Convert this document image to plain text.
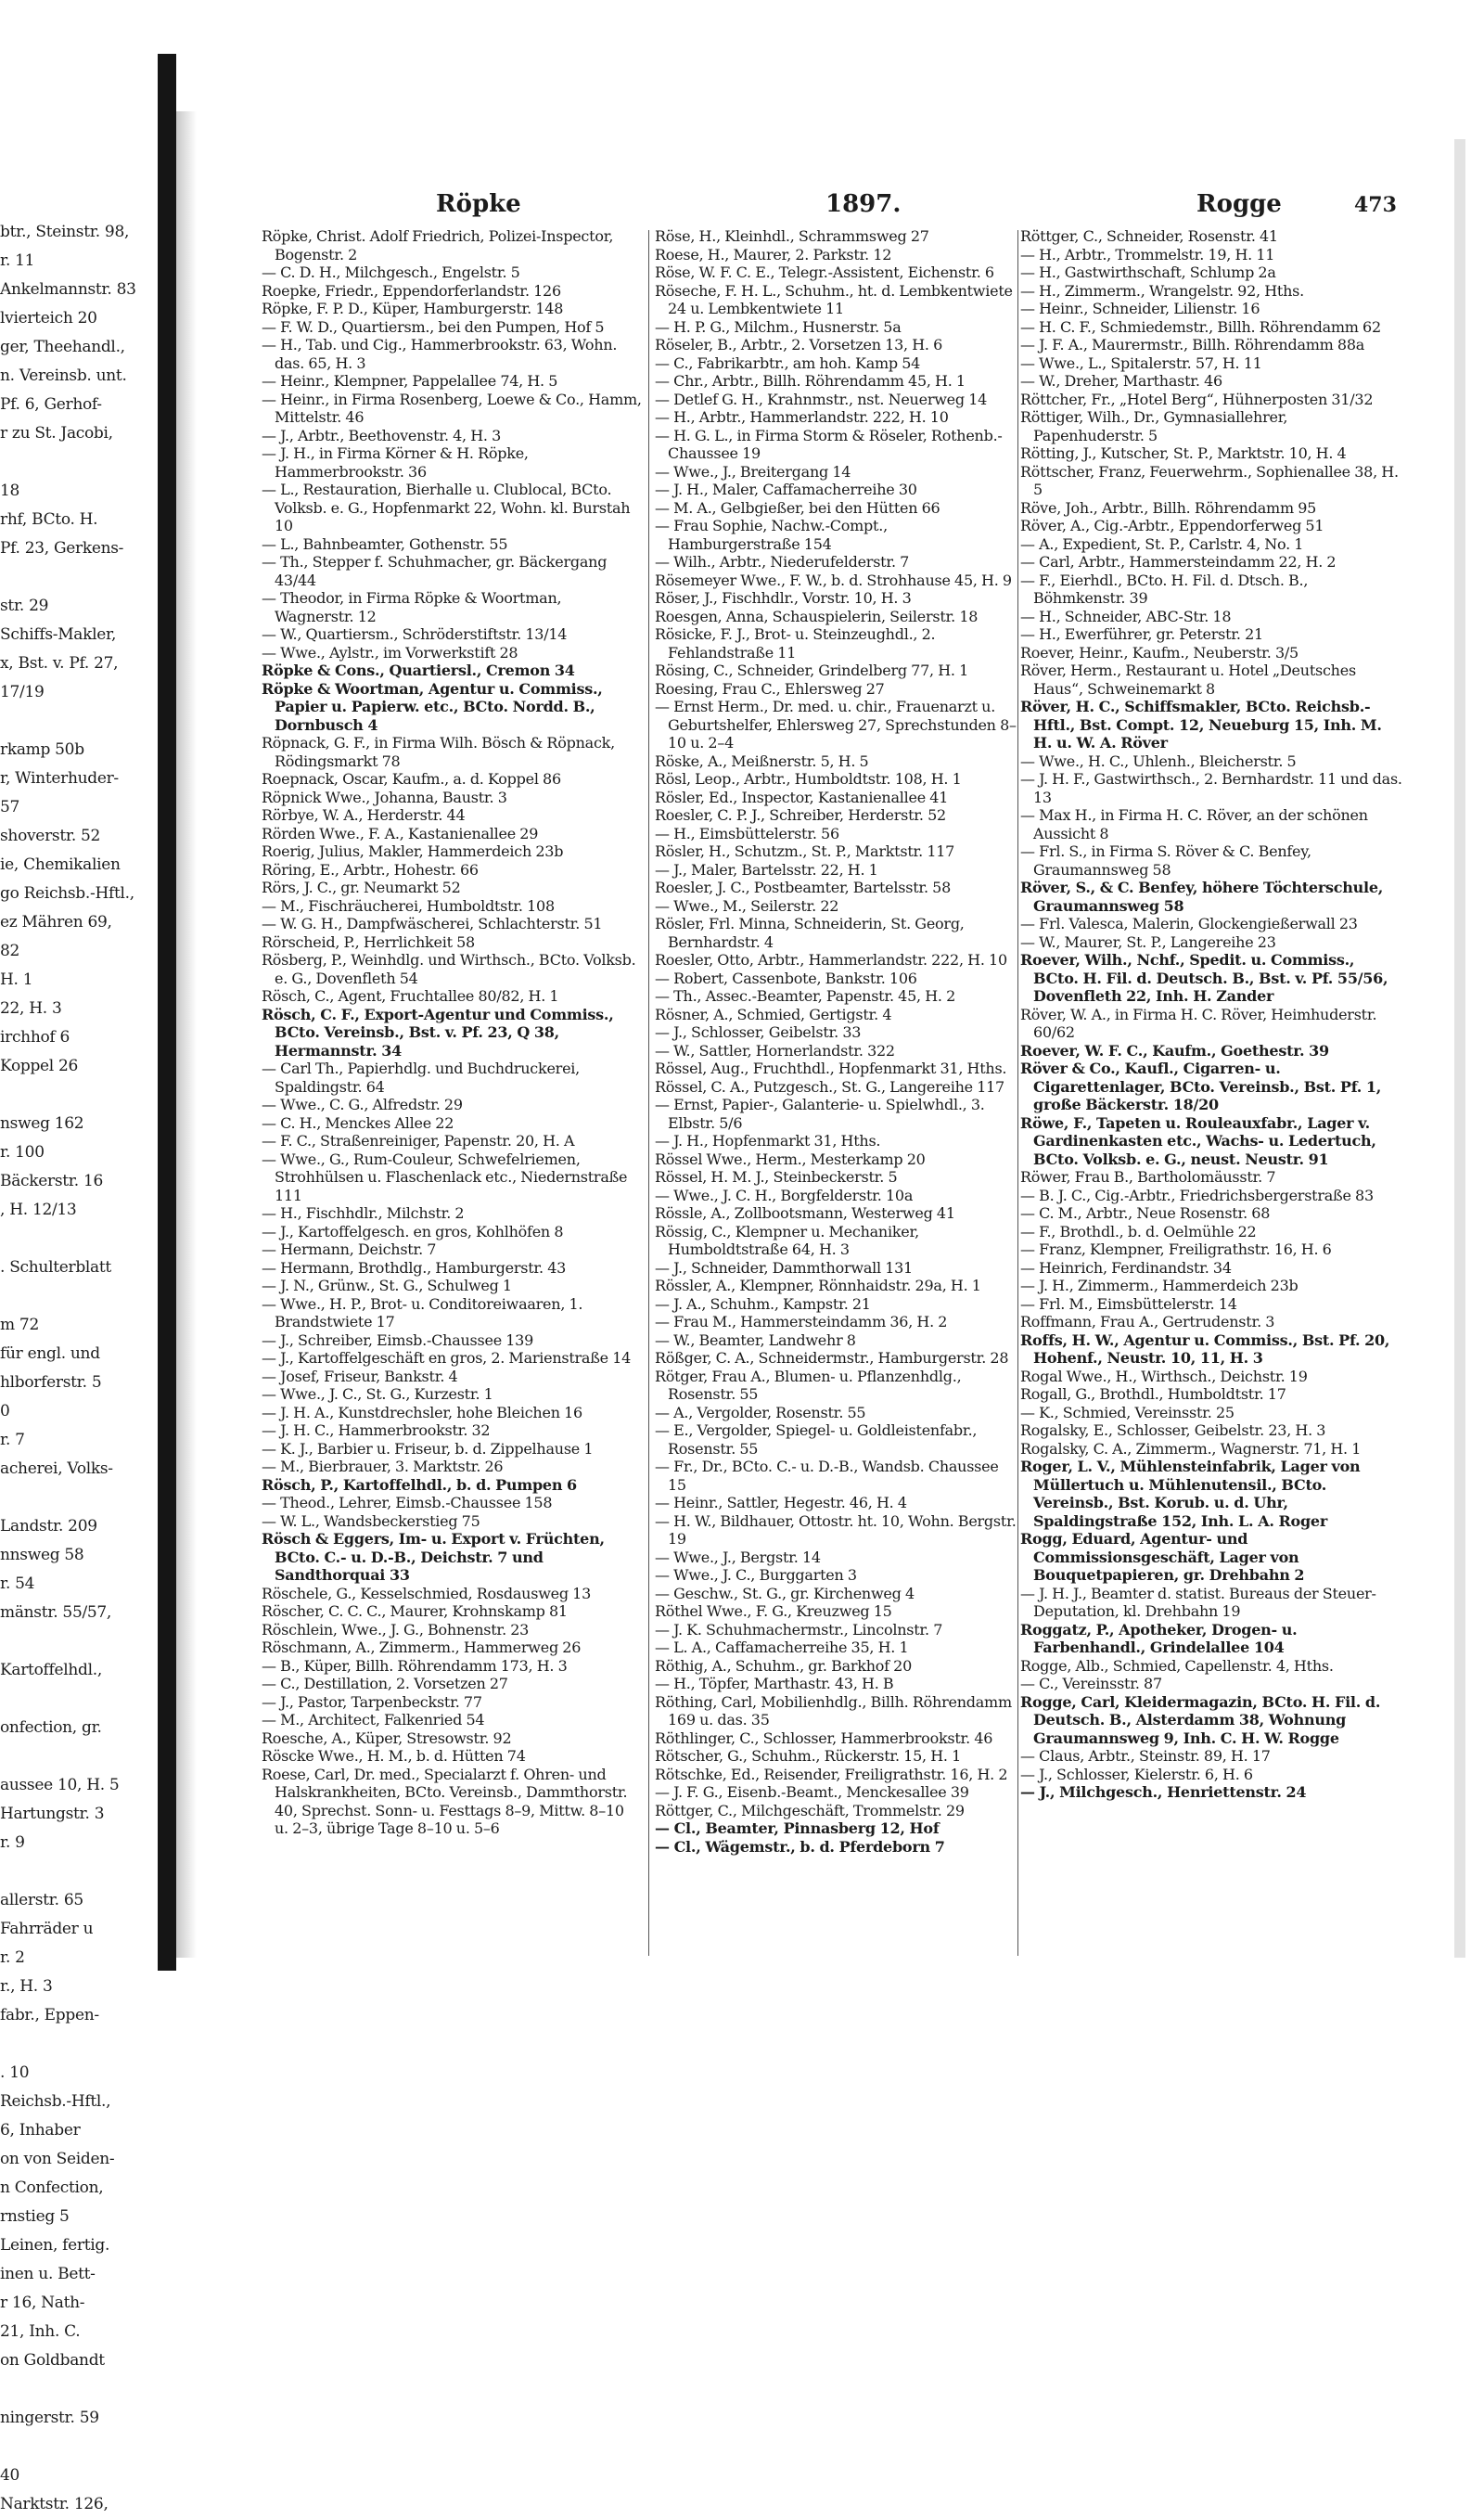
btr., Steinstr. 98,
r. 11
Ankelmannstr. 83
lvierteich 20
ger, Theehandl.,
n. Vereinsb. unt.
Pf. 6, Gerhof-
r zu St. Jacobi,
18
rhf, BCto. H.
Pf. 23, Gerkens-
str. 29
Schiffs-Makler,
x, Bst. v. Pf. 27,
17/19
rkamp 50b
r, Winterhuder-
57
shoverstr. 52
ie, Chemikalien
go Reichsb.-Hftl.,
ez Mähren 69,
82
H. 1
22, H. 3
irchhof 6
Koppel 26
nsweg 162
r. 100
Bäckerstr. 16
, H. 12/13
. Schulterblatt
m 72
für engl. und
hlborferstr. 5
0
r. 7
acherei, Volks-
Landstr. 209
nnsweg 58
r. 54
mänstr. 55/57,
Kartoffelhdl.,
onfection, gr.
aussee 10, H. 5
Hartungstr. 3
r. 9
allerstr. 65
Fahrräder u
r. 2
r., H. 3
fabr., Eppen-
. 10
Reichsb.-Hftl.,
6, Inhaber
on von Seiden-
n Confection,
rnstieg 5
Leinen, fertig.
inen u. Bett-
r 16, Nath-
21, Inh. C.
on Goldbandt
ningerstr. 59
40
Narktstr. 126,
Röpke	1897.	Rogge	473
Röpke, Christ. Adolf Friedrich, Polizei-Inspector, Bogenstr. 2
— C. D. H., Milchgesch., Engelstr. 5
Roepke, Friedr., Eppendorferlandstr. 126
Röpke, F. P. D., Küper, Hamburgerstr. 148
— F. W. D., Quartiersm., bei den Pumpen, Hof 5
— H., Tab. und Cig., Hammerbrookstr. 63, Wohn. das. 65, H. 3
— Heinr., Klempner, Pappelallee 74, H. 5
— Heinr., in Firma Rosenberg, Loewe & Co., Hamm, Mittelstr. 46
— J., Arbtr., Beethovenstr. 4, H. 3
— J. H., in Firma Körner & H. Röpke, Hammerbrookstr. 36
— L., Restauration, Bierhalle u. Clublocal, BCto. Volksb. e. G., Hopfenmarkt 22, Wohn. kl. Burstah 10
— L., Bahnbeamter, Gothenstr. 55
— Th., Stepper f. Schuhmacher, gr. Bäckergang 43/44
— Theodor, in Firma Röpke & Woortman, Wagnerstr. 12
— W., Quartiersm., Schröderstiftstr. 13/14
— Wwe., Aylstr., im Vorwerkstift 28
Röpke & Cons., Quartiersl., Cremon 34
Röpke & Woortman, Agentur u. Commiss., Papier u. Papierw. etc., BCto. Nordd. B., Dornbusch 4
Röpnack, G. F., in Firma Wilh. Bösch & Röpnack, Rödingsmarkt 78
Roepnack, Oscar, Kaufm., a. d. Koppel 86
Röpnick Wwe., Johanna, Baustr. 3
Rörbye, W. A., Herderstr. 44
Rörden Wwe., F. A., Kastanienallee 29
Roerig, Julius, Makler, Hammerdeich 23b
Röring, E., Arbtr., Hohestr. 66
Rörs, J. C., gr. Neumarkt 52
— M., Fischräucherei, Humboldtstr. 108
— W. G. H., Dampfwäscherei, Schlachterstr. 51
Rörscheid, P., Herrlichkeit 58
Rösberg, P., Weinhdlg. und Wirthsch., BCto. Volksb. e. G., Dovenfleth 54
Rösch, C., Agent, Fruchtallee 80/82, H. 1
Rösch, C. F., Export-Agentur und Commiss., BCto. Vereinsb., Bst. v. Pf. 23, Q 38, Hermannstr. 34
— Carl Th., Papierhdlg. und Buchdruckerei, Spaldingstr. 64
— Wwe., C. G., Alfredstr. 29
— C. H., Menckes Allee 22
— F. C., Straßenreiniger, Papenstr. 20, H. A
— Wwe., G., Rum-Couleur, Schwefelriemen, Strohhülsen u. Flaschenlack etc., Niedernstraße 111
— H., Fischhdlr., Milchstr. 2
— J., Kartoffelgesch. en gros, Kohlhöfen 8
— Hermann, Deichstr. 7
— Hermann, Brothdlg., Hamburgerstr. 43
— J. N., Grünw., St. G., Schulweg 1
— Wwe., H. P., Brot- u. Conditoreiwaaren, 1. Brandstwiete 17
— J., Schreiber, Eimsb.-Chaussee 139
— J., Kartoffelgeschäft en gros, 2. Marienstraße 14
— Josef, Friseur, Bankstr. 4
— Wwe., J. C., St. G., Kurzestr. 1
— J. H. A., Kunstdrechsler, hohe Bleichen 16
— J. H. C., Hammerbrookstr. 32
— K. J., Barbier u. Friseur, b. d. Zippelhause 1
— M., Bierbrauer, 3. Marktstr. 26
Rösch, P., Kartoffelhdl., b. d. Pumpen 6
— Theod., Lehrer, Eimsb.-Chaussee 158
— W. L., Wandsbeckerstieg 75
Rösch & Eggers, Im- u. Export v. Früchten, BCto. C.- u. D.-B., Deichstr. 7 und Sandthorquai 33
Röschele, G., Kesselschmied, Rosdausweg 13
Röscher, C. C. C., Maurer, Krohnskamp 81
Röschlein, Wwe., J. G., Bohnenstr. 23
Röschmann, A., Zimmerm., Hammerweg 26
— B., Küper, Billh. Röhrendamm 173, H. 3
— C., Destillation, 2. Vorsetzen 27
— J., Pastor, Tarpenbeckstr. 77
— M., Architect, Falkenried 54
Roesche, A., Küper, Stresowstr. 92
Röscke Wwe., H. M., b. d. Hütten 74
Roese, Carl, Dr. med., Specialarzt f. Ohren- und Halskrankheiten, BCto. Vereinsb., Dammthorstr. 40, Sprechst. Sonn- u. Festtags 8–9, Mittw. 8–10 u. 2–3, übrige Tage 8–10 u. 5–6
Röse, H., Kleinhdl., Schrammsweg 27
Roese, H., Maurer, 2. Parkstr. 12
Röse, W. F. C. E., Telegr.-Assistent, Eichenstr. 6
Röseche, F. H. L., Schuhm., ht. d. Lembkentwiete 24 u. Lembkentwiete 11
— H. P. G., Milchm., Husnerstr. 5a
Röseler, B., Arbtr., 2. Vorsetzen 13, H. 6
— C., Fabrikarbtr., am hoh. Kamp 54
— Chr., Arbtr., Billh. Röhrendamm 45, H. 1
— Detlef G. H., Krahnmstr., nst. Neuerweg 14
— H., Arbtr., Hammerlandstr. 222, H. 10
— H. G. L., in Firma Storm & Röseler, Rothenb.-Chaussee 19
— Wwe., J., Breitergang 14
— J. H., Maler, Caffamacherreihe 30
— M. A., Gelbgießer, bei den Hütten 66
— Frau Sophie, Nachw.-Compt., Hamburgerstraße 154
— Wilh., Arbtr., Niederufelderstr. 7
Rösemeyer Wwe., F. W., b. d. Strohhause 45, H. 9
Röser, J., Fischhdlr., Vorstr. 10, H. 3
Roesgen, Anna, Schauspielerin, Seilerstr. 18
Rösicke, F. J., Brot- u. Steinzeughdl., 2. Fehlandstraße 11
Rösing, C., Schneider, Grindelberg 77, H. 1
Roesing, Frau C., Ehlersweg 27
— Ernst Herm., Dr. med. u. chir., Frauenarzt u. Geburtshelfer, Ehlersweg 27, Sprechstunden 8–10 u. 2–4
Röske, A., Meißnerstr. 5, H. 5
Rösl, Leop., Arbtr., Humboldtstr. 108, H. 1
Rösler, Ed., Inspector, Kastanienallee 41
Roesler, C. P. J., Schreiber, Herderstr. 52
— H., Eimsbüttelerstr. 56
Rösler, H., Schutzm., St. P., Marktstr. 117
— J., Maler, Bartelsstr. 22, H. 1
Roesler, J. C., Postbeamter, Bartelsstr. 58
— Wwe., M., Seilerstr. 22
Rösler, Frl. Minna, Schneiderin, St. Georg, Bernhardstr. 4
Roesler, Otto, Arbtr., Hammerlandstr. 222, H. 10
— Robert, Cassenbote, Bankstr. 106
— Th., Assec.-Beamter, Papenstr. 45, H. 2
Rösner, A., Schmied, Gertigstr. 4
— J., Schlosser, Geibelstr. 33
— W., Sattler, Hornerlandstr. 322
Rössel, Aug., Fruchthdl., Hopfenmarkt 31, Hths.
Rössel, C. A., Putzgesch., St. G., Langereihe 117
— Ernst, Papier-, Galanterie- u. Spielwhdl., 3. Elbstr. 5/6
— J. H., Hopfenmarkt 31, Hths.
Rössel Wwe., Herm., Mesterkamp 20
Rössel, H. M. J., Steinbeckerstr. 5
— Wwe., J. C. H., Borgfelderstr. 10a
Rössle, A., Zollbootsmann, Westerweg 41
Rössig, C., Klempner u. Mechaniker, Humboldtstraße 64, H. 3
— J., Schneider, Dammthorwall 131
Rössler, A., Klempner, Rönnhaidstr. 29a, H. 1
— J. A., Schuhm., Kampstr. 21
— Frau M., Hammersteindamm 36, H. 2
— W., Beamter, Landwehr 8
Rößger, C. A., Schneidermstr., Hamburgerstr. 28
Rötger, Frau A., Blumen- u. Pflanzenhdlg., Rosenstr. 55
— A., Vergolder, Rosenstr. 55
— E., Vergolder, Spiegel- u. Goldleistenfabr., Rosenstr. 55
— Fr., Dr., BCto. C.- u. D.-B., Wandsb. Chaussee 15
— Heinr., Sattler, Hegestr. 46, H. 4
— H. W., Bildhauer, Ottostr. ht. 10, Wohn. Bergstr. 19
— Wwe., J., Bergstr. 14
— Wwe., J. C., Burggarten 3
— Geschw., St. G., gr. Kirchenweg 4
Röthel Wwe., F. G., Kreuzweg 15
— J. K. Schuhmachermstr., Lincolnstr. 7
— L. A., Caffamacherreihe 35, H. 1
Röthig, A., Schuhm., gr. Barkhof 20
— H., Töpfer, Marthastr. 43, H. B
Röthing, Carl, Mobilienhdlg., Billh. Röhrendamm 169 u. das. 35
Röthlinger, C., Schlosser, Hammerbrookstr. 46
Rötscher, G., Schuhm., Rückerstr. 15, H. 1
Rötschke, Ed., Reisender, Freiligrathstr. 16, H. 2
— J. F. G., Eisenb.-Beamt., Menckesallee 39
Röttger, C., Milchgeschäft, Trommelstr. 29
— Cl., Beamter, Pinnasberg 12, Hof
— Cl., Wägemstr., b. d. Pferdeborn 7
Röttger, C., Schneider, Rosenstr. 41
— H., Arbtr., Trommelstr. 19, H. 11
— H., Gastwirthschaft, Schlump 2a
— H., Zimmerm., Wrangelstr. 92, Hths.
— Heinr., Schneider, Lilienstr. 16
— H. C. F., Schmiedemstr., Billh. Röhrendamm 62
— J. F. A., Maurermstr., Billh. Röhrendamm 88a
— Wwe., L., Spitalerstr. 57, H. 11
— W., Dreher, Marthastr. 46
Röttcher, Fr., „Hotel Berg“, Hühnerposten 31/32
Röttiger, Wilh., Dr., Gymnasiallehrer, Papenhuderstr. 5
Rötting, J., Kutscher, St. P., Marktstr. 10, H. 4
Röttscher, Franz, Feuerwehrm., Sophienallee 38, H. 5
Röve, Joh., Arbtr., Billh. Röhrendamm 95
Röver, A., Cig.-Arbtr., Eppendorferweg 51
— A., Expedient, St. P., Carlstr. 4, No. 1
— Carl, Arbtr., Hammersteindamm 22, H. 2
— F., Eierhdl., BCto. H. Fil. d. Dtsch. B., Böhmkenstr. 39
— H., Schneider, ABC-Str. 18
— H., Ewerführer, gr. Peterstr. 21
Roever, Heinr., Kaufm., Neuberstr. 3/5
Röver, Herm., Restaurant u. Hotel „Deutsches Haus“, Schweinemarkt 8
Röver, H. C., Schiffsmakler, BCto. Reichsb.-Hftl., Bst. Compt. 12, Neueburg 15, Inh. M. H. u. W. A. Röver
— Wwe., H. C., Uhlenh., Bleicherstr. 5
— J. H. F., Gastwirthsch., 2. Bernhardstr. 11 und das. 13
— Max H., in Firma H. C. Röver, an der schönen Aussicht 8
— Frl. S., in Firma S. Röver & C. Benfey, Graumannsweg 58
Röver, S., & C. Benfey, höhere Töchterschule, Graumannsweg 58
— Frl. Valesca, Malerin, Glockengießerwall 23
— W., Maurer, St. P., Langereihe 23
Roever, Wilh., Nchf., Spedit. u. Commiss., BCto. H. Fil. d. Deutsch. B., Bst. v. Pf. 55/56, Dovenfleth 22, Inh. H. Zander
Röver, W. A., in Firma H. C. Röver, Heimhuderstr. 60/62
Roever, W. F. C., Kaufm., Goethestr. 39
Röver & Co., Kaufl., Cigarren- u. Cigarettenlager, BCto. Vereinsb., Bst. Pf. 1, große Bäckerstr. 18/20
Röwe, F., Tapeten u. Rouleauxfabr., Lager v. Gardinenkasten etc., Wachs- u. Ledertuch, BCto. Volksb. e. G., neust. Neustr. 91
Röwer, Frau B., Bartholomäusstr. 7
— B. J. C., Cig.-Arbtr., Friedrichsbergerstraße 83
— C. M., Arbtr., Neue Rosenstr. 68
— F., Brothdl., b. d. Oelmühle 22
— Franz, Klempner, Freiligrathstr. 16, H. 6
— Heinrich, Ferdinandstr. 34
— J. H., Zimmerm., Hammerdeich 23b
— Frl. M., Eimsbüttelerstr. 14
Roffmann, Frau A., Gertrudenstr. 3
Roffs, H. W., Agentur u. Commiss., Bst. Pf. 20, Hohenf., Neustr. 10, 11, H. 3
Rogal Wwe., H., Wirthsch., Deichstr. 19
Rogall, G., Brothdl., Humboldtstr. 17
— K., Schmied, Vereinsstr. 25
Rogalsky, E., Schlosser, Geibelstr. 23, H. 3
Rogalsky, C. A., Zimmerm., Wagnerstr. 71, H. 1
Roger, L. V., Mühlensteinfabrik, Lager von Müllertuch u. Mühlenutensil., BCto. Vereinsb., Bst. Korub. u. d. Uhr, Spaldingstraße 152, Inh. L. A. Roger
Rogg, Eduard, Agentur- und Commissionsgeschäft, Lager von Bouquetpapieren, gr. Drehbahn 2
— J. H. J., Beamter d. statist. Bureaus der Steuer-Deputation, kl. Drehbahn 19
Roggatz, P., Apotheker, Drogen- u. Farbenhandl., Grindelallee 104
Rogge, Alb., Schmied, Capellenstr. 4, Hths.
— C., Vereinsstr. 87
Rogge, Carl, Kleidermagazin, BCto. H. Fil. d. Deutsch. B., Alsterdamm 38, Wohnung Graumannsweg 9, Inh. C. H. W. Rogge
— Claus, Arbtr., Steinstr. 89, H. 17
— J., Schlosser, Kielerstr. 6, H. 6
— J., Milchgesch., Henriettenstr. 24
